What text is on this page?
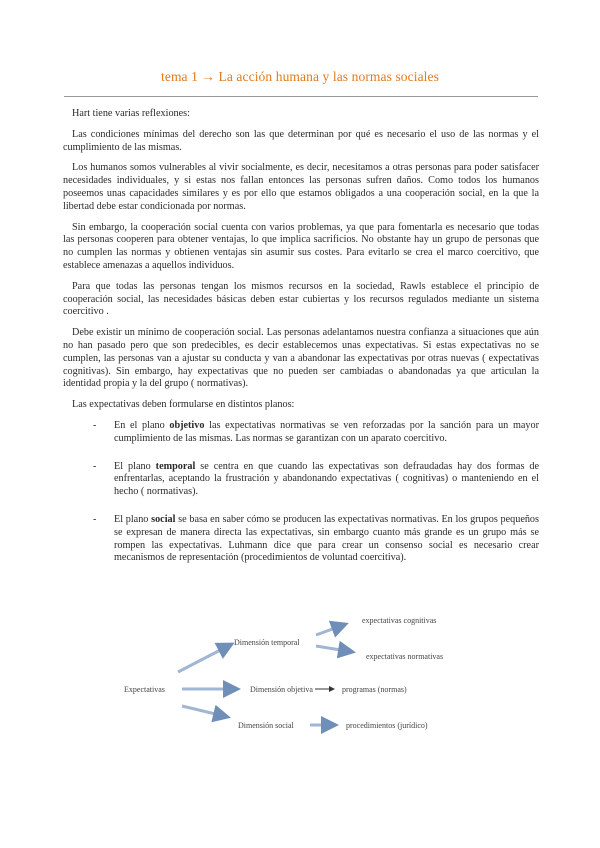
tema 1 → La acción humana y las normas sociales

Hart tiene varias reflexiones:

Las condiciones mínimas del derecho son las que determinan por qué es necesario el uso de las normas y el cumplimiento de las mismas.

Los humanos somos vulnerables al vivir socialmente, es decir, necesitamos a otras personas para poder satisfacer necesidades individuales, y si estas nos fallan entonces las personas sufren daños. Como todos los humanos poseemos unas capacidades similares y es por ello que estamos obligados a una cooperación social, en la que la libertad debe estar condicionada por normas.

Sin embargo, la cooperación social cuenta con varios problemas, ya que para fomentarla es necesario que todas las personas cooperen para obtener ventajas, lo que implica sacrificios. No obstante hay un grupo de personas que no cumplen las normas y obtienen ventajas sin asumir sus costes. Para evitarlo se crea el marco coercitivo, que establece amenazas a aquellos individuos.

Para que todas las personas tengan los mismos recursos en la sociedad, Rawls establece el principio de cooperación social, las necesidades básicas deben estar cubiertas y los recursos regulados mediante un sistema coercitivo .

Debe existir un mínimo de cooperación social. Las personas adelantamos nuestra confianza a situaciones que aún no han pasado pero que son predecibles, es decir establecemos unas expectativas. Si estas expectativas no se cumplen, las personas van a ajustar su conducta y van a abandonar las expectativas por otras nuevas ( expectativas cognitivas). Sin embargo, hay expectativas que no pueden ser cambiadas o abandonadas ya que articulan la identidad propia y la del grupo ( normativas).

Las expectativas deben formularse en distintos planos:

- En el plano objetivo las expectativas normativas se ven reforzadas por la sanción para un mayor cumplimiento de las mismas. Las normas se garantizan con un aparato coercitivo.
- El plano temporal se centra en que cuando las expectativas son defraudadas hay dos formas de enfrentarlas, aceptando la frustración y abandonando expectativas ( cognitivas) o manteniendo en el hecho ( normativas).
- El plano social se basa en saber cómo se producen las expectativas normativas. En los grupos pequeños se expresan de manera directa las expectativas, sin embargo cuanto más grande es un grupo más se rompen las expectativas. Luhmann dice que para crear un consenso social es necesario crear mecanismos de representación (procedimientos de voluntad coercitiva).
Expectativas
Dimensión temporal
Dimensión objetiva
Dimensión social
expectativas cognitivas
expectativas normativas
programas (normas)
procedimientos (jurídico)
